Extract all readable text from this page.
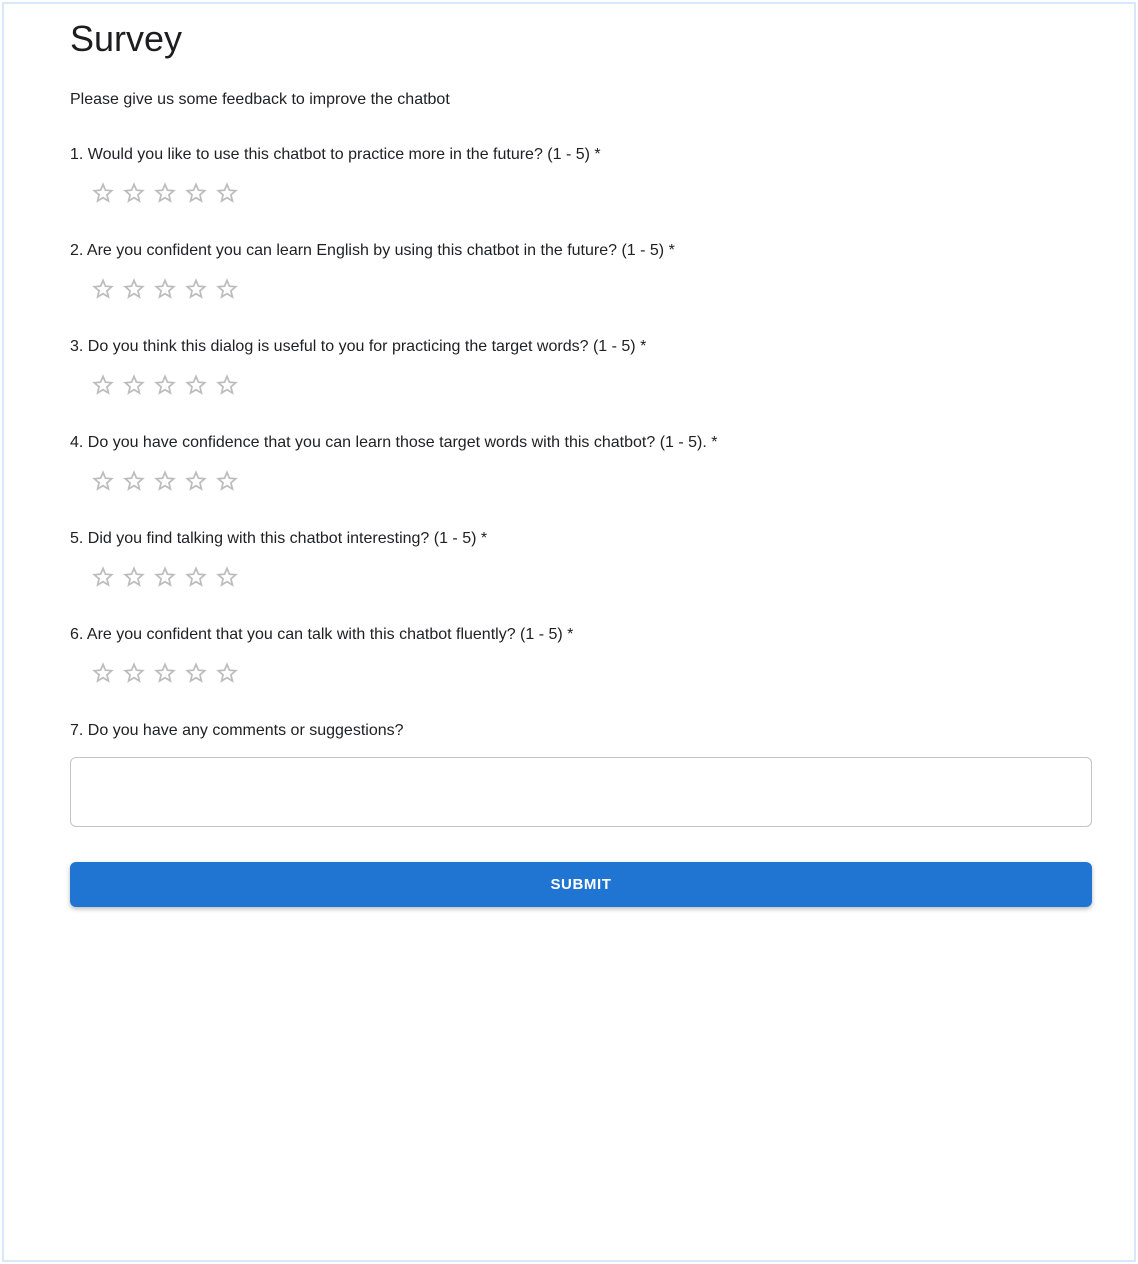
Survey

Please give us some feedback to improve the chatbot

1. Would you like to use this chatbot to practice more in the future? (1 - 5) *
2. Are you confident you can learn English by using this chatbot in the future? (1 - 5) *
3. Do you think this dialog is useful to you for practicing the target words? (1 - 5) *
4. Do you have confidence that you can learn those target words with this chatbot? (1 - 5). *
5. Did you find talking with this chatbot interesting? (1 - 5) *
6. Are you confident that you can talk with this chatbot fluently? (1 - 5) *
7. Do you have any comments or suggestions?
SUBMIT
